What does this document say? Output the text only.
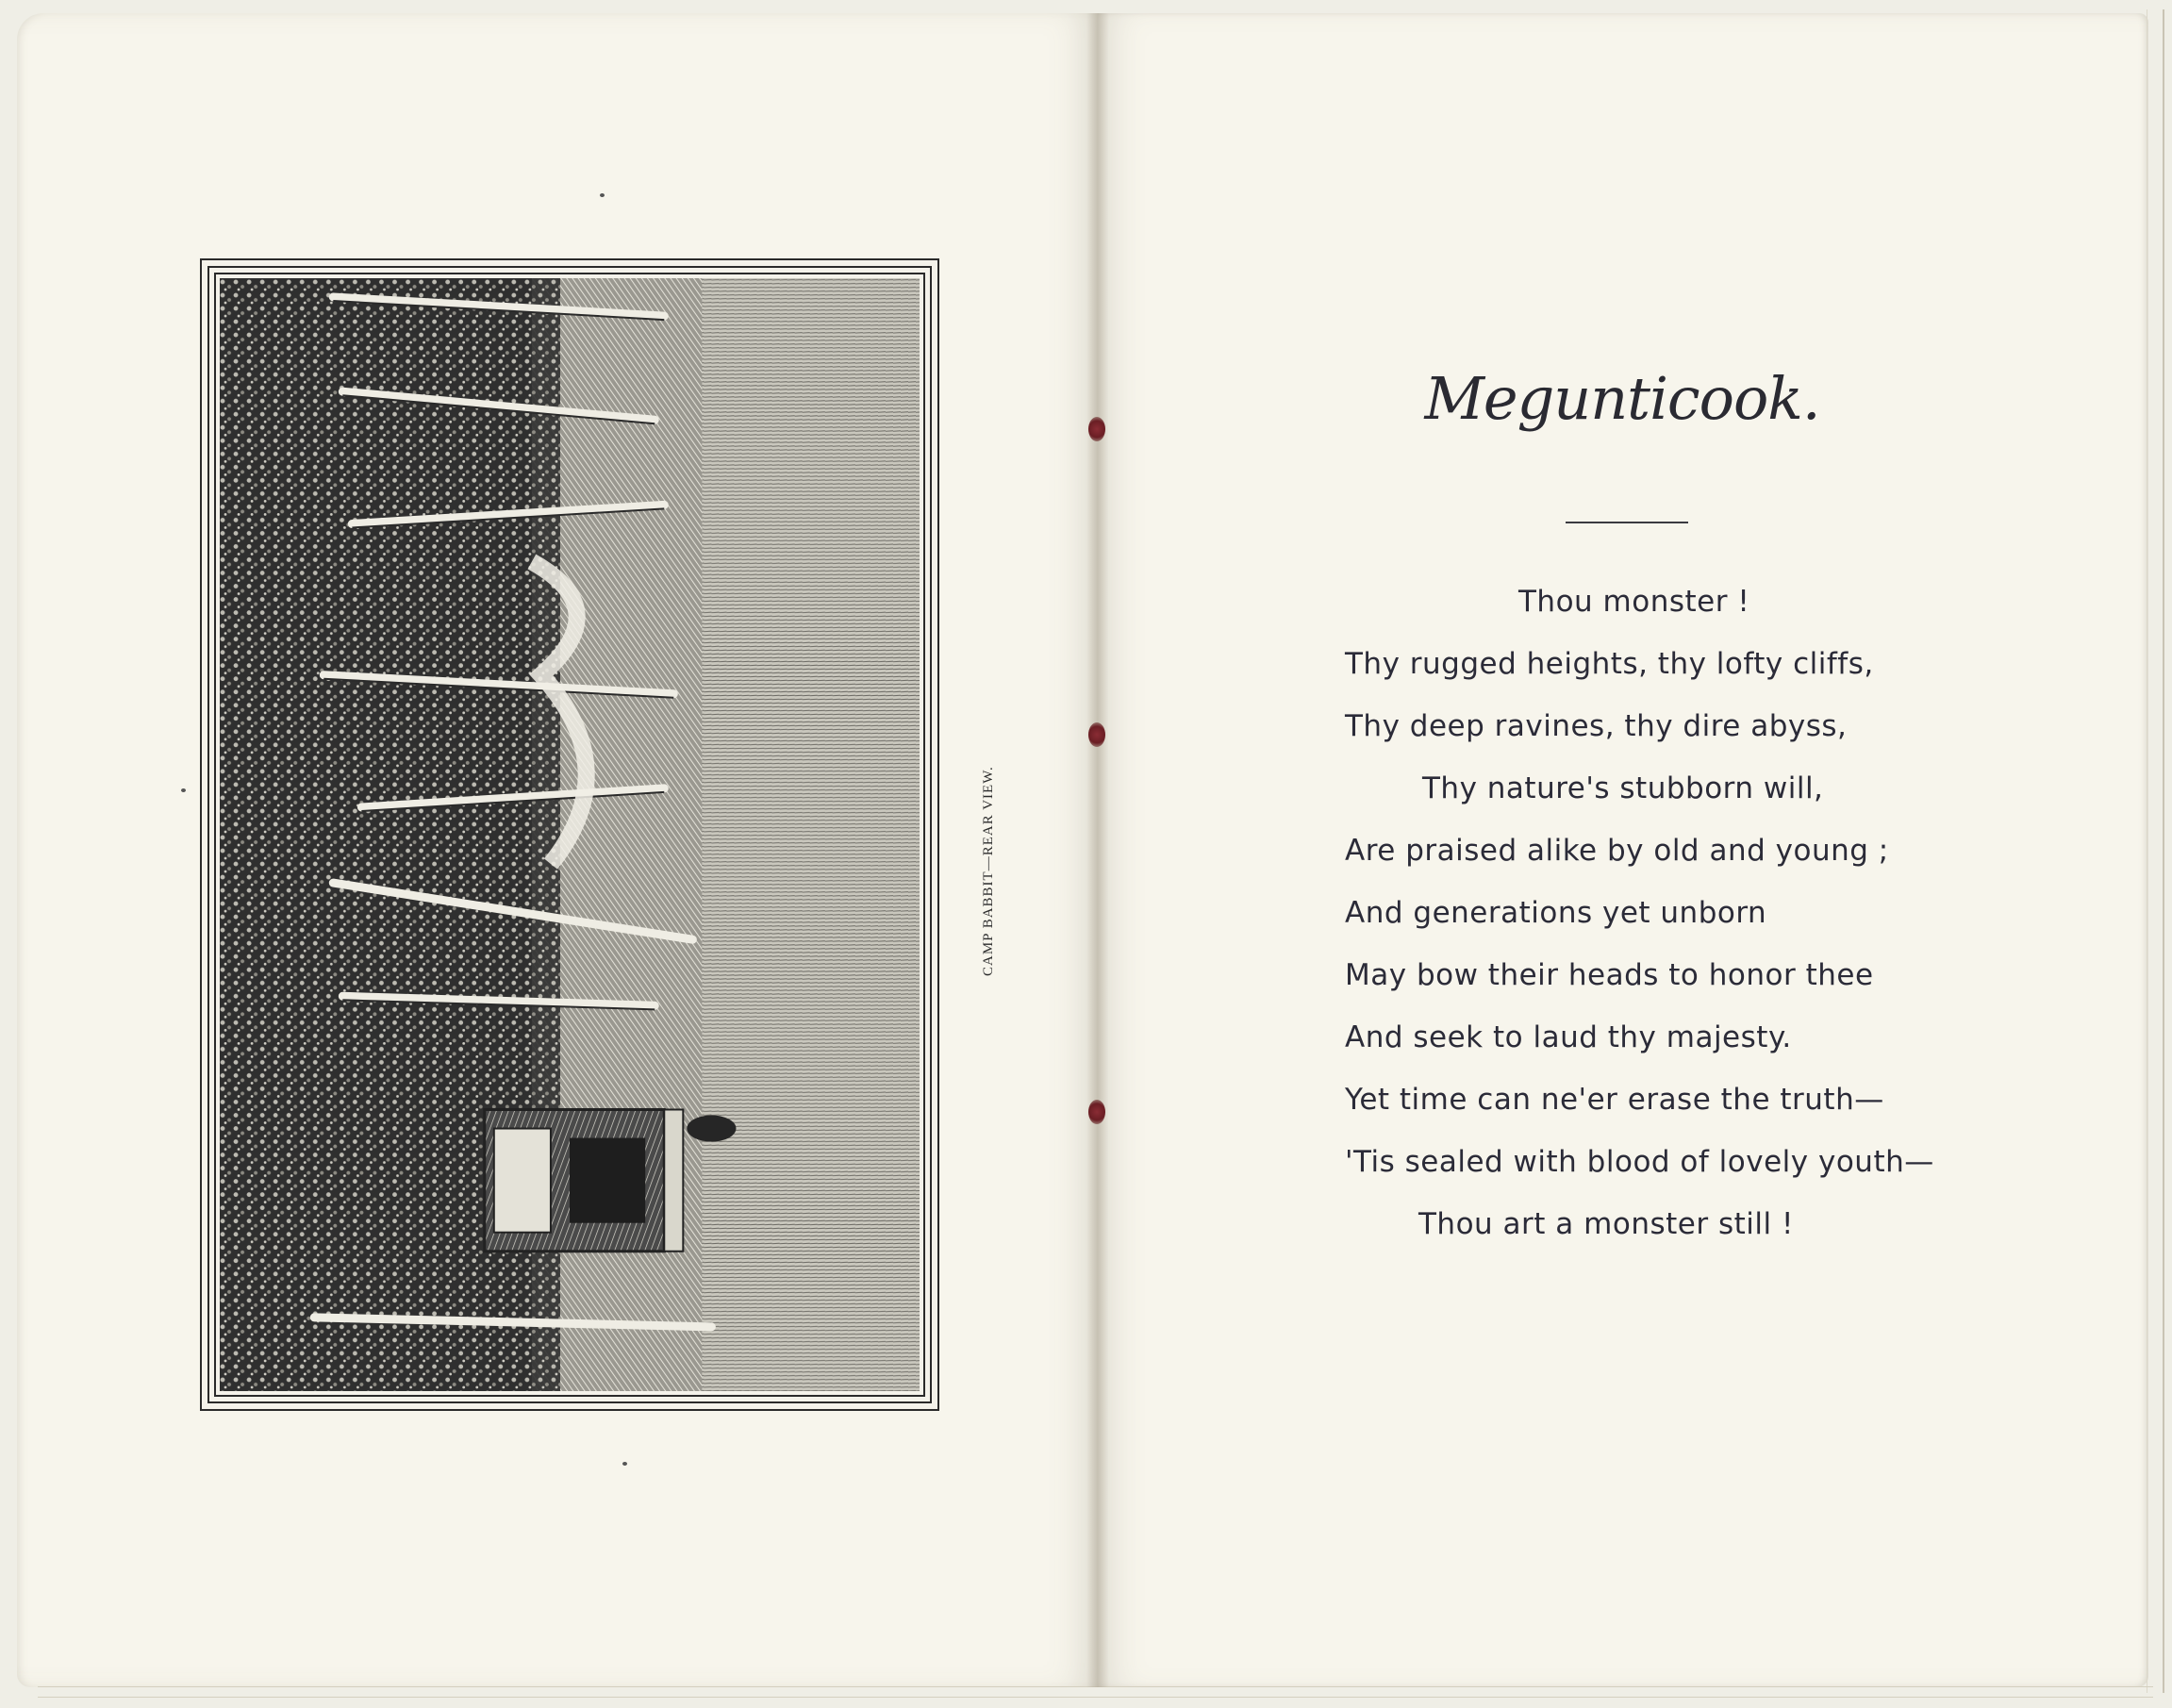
CAMP BABBIT—REAR VIEW.
Megunticook.
Thou monster !
Thy rugged heights, thy lofty cliffs,
Thy deep ravines, thy dire abyss,
Thy nature's stubborn will,
Are praised alike by old and young ;
And generations yet unborn
May bow their heads to honor thee
And seek to laud thy majesty.
Yet time can ne'er erase the truth—
'Tis sealed with blood of lovely youth—
Thou art a monster still !
